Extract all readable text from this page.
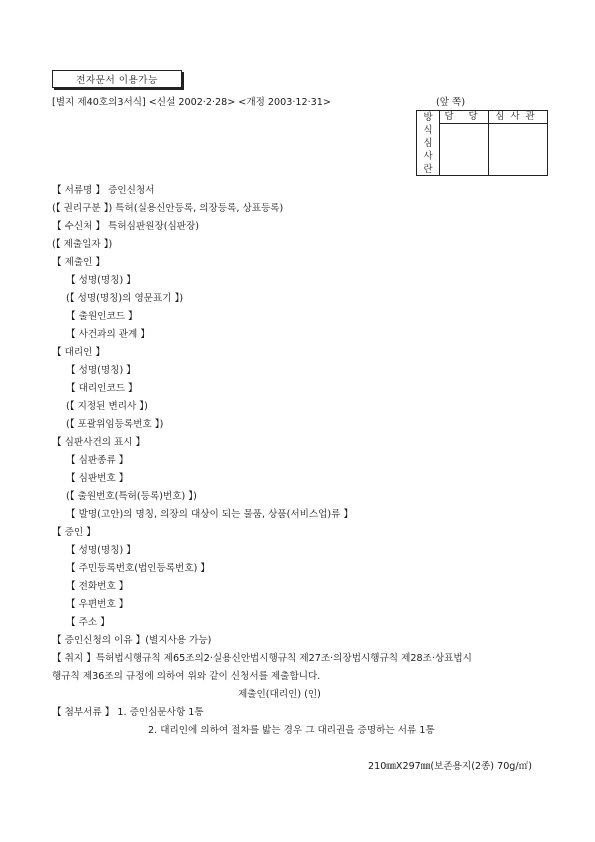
전자문서 이용가능
[별지 제40호의3서식] <신설 2002·2·28> <개정 2003·12·31>	(앞 쪽)
방
식
심
사
란
담 당	심사관
【 서류명 】 증인신청서
(【 권리구분 】) 특허(실용신안등록, 의장등록, 상표등록)
【 수신처 】 특허심판원장(심판장)
(【 제출일자 】)
【 제출인 】
【 성명(명칭) 】
(【 성명(명칭)의 영문표기 】)
【 출원인코드 】
【 사건과의 관계 】
【 대리인 】
【 성명(명칭) 】
【 대리인코드 】
(【 지정된 변리사 】)
(【 포괄위임등록번호 】)
【 심판사건의 표시 】
【 심판종류 】
【 심판번호 】
(【 출원번호(특허(등록)번호) 】)
【 발명(고안)의 명칭, 의장의 대상이 되는 물품, 상품(서비스업)류 】
【 증인 】
【 성명(명칭) 】
【 주민등록번호(법인등록번호) 】
【 전화번호 】
【 우편번호 】
【 주소 】
【 증인신청의 이유 】(별지사용 가능)
【 취지 】특허법시행규칙 제65조의2·실용신안법시행규칙 제27조·의장법시행규칙 제28조·상표법시
행규칙 제36조의 규정에 의하여 위와 같이 신청서를 제출합니다.
제출인(대리인) (인)
【 첨부서류 】 1. 증인심문사항 1통
2. 대리인에 의하여 절차를 밟는 경우 그 대리권을 증명하는 서류 1통
210㎜X297㎜(보존용지(2종) 70g/㎡)
